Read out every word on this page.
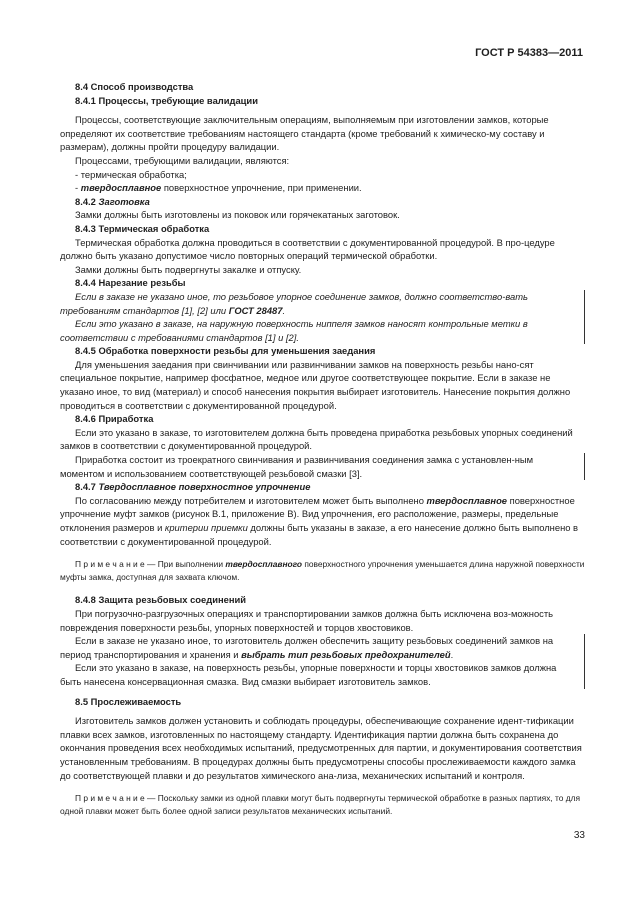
ГОСТ Р 54383—2011

8.4 Способ производства

8.4.1 Процессы, требующие валидации

Процессы, соответствующие заключительным операциям, выполняемым при изготовлении замков, которые определяют их соответствие требованиям настоящего стандарта (кроме требований к химическо-му составу и размерам), должны пройти процедуру валидации.

Процессами, требующими валидации, являются:

- термическая обработка;

- твердосплавное поверхностное упрочнение, при применении.

8.4.2 Заготовка

Замки должны быть изготовлены из поковок или горячекатаных заготовок.

8.4.3 Термическая обработка

Термическая обработка должна проводиться в соответствии с документированной процедурой. В про-цедуре должно быть указано допустимое число повторных операций термической обработки.

Замки должны быть подвергнуты закалке и отпуску.

8.4.4 Нарезание резьбы

Если в заказе не указано иное, то резьбовое упорное соединение замков, должно соответство-вать требованиям стандартов [1], [2] или ГОСТ 28487.

Если это указано в заказе, на наружную поверхность ниппеля замков наносят контрольные метки в соответствии с требованиями стандартов [1] и [2].

8.4.5 Обработка поверхности резьбы для уменьшения заедания

Для уменьшения заедания при свинчивании или развинчивании замков на поверхность резьбы нано-сят специальное покрытие, например фосфатное, медное или другое соответствующее покрытие. Если в заказе не указано иное, то вид (материал) и способ нанесения покрытия выбирает изготовитель. Нанесение покрытия должно проводиться в соответствии с документированной процедурой.

8.4.6 Приработка

Если это указано в заказе, то изготовителем должна быть проведена приработка резьбовых упорных соединений замков в соответствии с документированной процедурой.

Приработка состоит из троекратного свинчивания и развинчивания соединения замка с установлен-ным моментом и использованием соответствующей резьбовой смазки [3].

8.4.7 Твердосплавное поверхностное упрочнение

По согласованию между потребителем и изготовителем может быть выполнено твердосплавное поверхностное упрочнение муфт замков (рисунок В.1, приложение В). Вид упрочнения, его расположение, размеры, предельные отклонения размеров и критерии приемки должны быть указаны в заказе, а его нанесение должно быть выполнено в соответствии с документированной процедурой.

П р и м е ч а н и е — При выполнении твердосплавного поверхностного упрочнения уменьшается длина наружной поверхности муфты замка, доступная для захвата ключом.

8.4.8 Защита резьбовых соединений

При погрузочно-разгрузочных операциях и транспортировании замков должна быть исключена воз-можность повреждения поверхности резьбы, упорных поверхностей и торцов хвостовиков.

Если в заказе не указано иное, то изготовитель должен обеспечить защиту резьбовых соединений замков на период транспортирования и хранения и выбрать тип резьбовых предохранителей.

Если это указано в заказе, на поверхность резьбы, упорные поверхности и торцы хвостовиков замков должна быть нанесена консервационная смазка. Вид смазки выбирает изготовитель замков.

8.5 Прослеживаемость

Изготовитель замков должен установить и соблюдать процедуры, обеспечивающие сохранение идент-тификации плавки всех замков, изготовленных по настоящему стандарту. Идентификация партии должна быть сохранена до окончания проведения всех необходимых испытаний, предусмотренных для партии, и документирования соответствия установленным требованиям. В процедурах должны быть предусмотрены способы прослеживаемости каждого замка до соответствующей плавки и до результатов химического ана-лиза, механических испытаний и контроля.

П р и м е ч а н и е — Поскольку замки из одной плавки могут быть подвергнуты термической обработке в разных партиях, то для одной плавки может быть более одной записи результатов механических испытаний.

33
